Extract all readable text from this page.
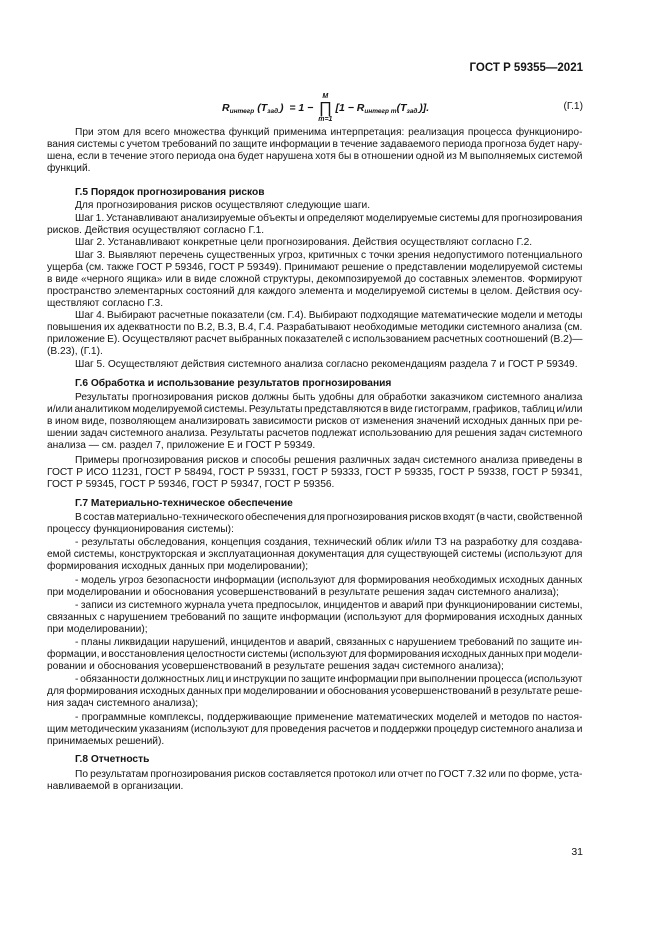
ГОСТ Р 59355—2021
$R_{интегр}$ $(T_{зад.}) = 1$ −
M
∏
m=1
$[1 - R_{интегр m}(T_{зад.})]$.	(Г.1)
При этом для всего множества функций применима интерпретация: реализация процесса функциониро-
вания системы с учетом требований по защите информации в течение задаваемого периода прогноза будет нару-
шена, если в течение этого периода она будет нарушена хотя бы в отношении одной из M выполняемых системой
функций.
Г.5 Порядок прогнозирования рисков
Для прогнозирования рисков осуществляют следующие шаги.
Шаг 1. Устанавливают анализируемые объекты и определяют моделируемые системы для прогнозирования
рисков. Действия осуществляют согласно Г.1.
Шаг 2. Устанавливают конкретные цели прогнозирования. Действия осуществляют согласно Г.2.
Шаг 3. Выявляют перечень существенных угроз, критичных с точки зрения недопустимого потенциального
ущерба (см. также ГОСТ Р 59346, ГОСТ Р 59349). Принимают решение о представлении моделируемой системы
в виде «черного ящика» или в виде сложной структуры, декомпозируемой до составных элементов. Формируют
пространство элементарных состояний для каждого элемента и моделируемой системы в целом. Действия осу-
ществляют согласно Г.3.
Шаг 4. Выбирают расчетные показатели (см. Г.4). Выбирают подходящие математические модели и методы
повышения их адекватности по В.2, В.3, В.4, Г.4. Разрабатывают необходимые методики системного анализа (см.
приложение Е). Осуществляют расчет выбранных показателей с использованием расчетных соотношений (В.2)—
(В.23), (Г.1).
Шаг 5. Осуществляют действия системного анализа согласно рекомендациям раздела 7 и ГОСТ Р 59349.
Г.6 Обработка и использование результатов прогнозирования
Результаты прогнозирования рисков должны быть удобны для обработки заказчиком системного анализа
и/или аналитиком моделируемой системы. Результаты представляются в виде гистограмм, графиков, таблиц и/или
в ином виде, позволяющем анализировать зависимости рисков от изменения значений исходных данных при ре-
шении задач системного анализа. Результаты расчетов подлежат использованию для решения задач системного
анализа — см. раздел 7, приложение Е и ГОСТ Р 59349.
Примеры прогнозирования рисков и способы решения различных задач системного анализа приведены в
ГОСТ Р ИСО 11231, ГОСТ Р 58494, ГОСТ Р 59331, ГОСТ Р 59333, ГОСТ Р 59335, ГОСТ Р 59338, ГОСТ Р 59341,
ГОСТ Р 59345, ГОСТ Р 59346, ГОСТ Р 59347, ГОСТ Р 59356.
Г.7 Материально-техническое обеспечение
В состав материально-технического обеспечения для прогнозирования рисков входят (в части, свойственной
процессу функционирования системы):
- результаты обследования, концепция создания, технический облик и/или ТЗ на разработку для создава-
емой системы, конструкторская и эксплуатационная документация для существующей системы (используют для
формирования исходных данных при моделировании);
- модель угроз безопасности информации (используют для формирования необходимых исходных данных
при моделировании и обоснования усовершенствований в результате решения задач системного анализа);
- записи из системного журнала учета предпосылок, инцидентов и аварий при функционировании системы,
связанных с нарушением требований по защите информации (используют для формирования исходных данных
при моделировании);
- планы ликвидации нарушений, инцидентов и аварий, связанных с нарушением требований по защите ин-
формации, и восстановления целостности системы (используют для формирования исходных данных при модели-
ровании и обоснования усовершенствований в результате решения задач системного анализа);
- обязанности должностных лиц и инструкции по защите информации при выполнении процесса (используют
для формирования исходных данных при моделировании и обоснования усовершенствований в результате реше-
ния задач системного анализа);
- программные комплексы, поддерживающие применение математических моделей и методов по настоя-
щим методическим указаниям (используют для проведения расчетов и поддержки процедур системного анализа и
принимаемых решений).
Г.8 Отчетность
По результатам прогнозирования рисков составляется протокол или отчет по ГОСТ 7.32 или по форме, уста-
навливаемой в организации.
31
